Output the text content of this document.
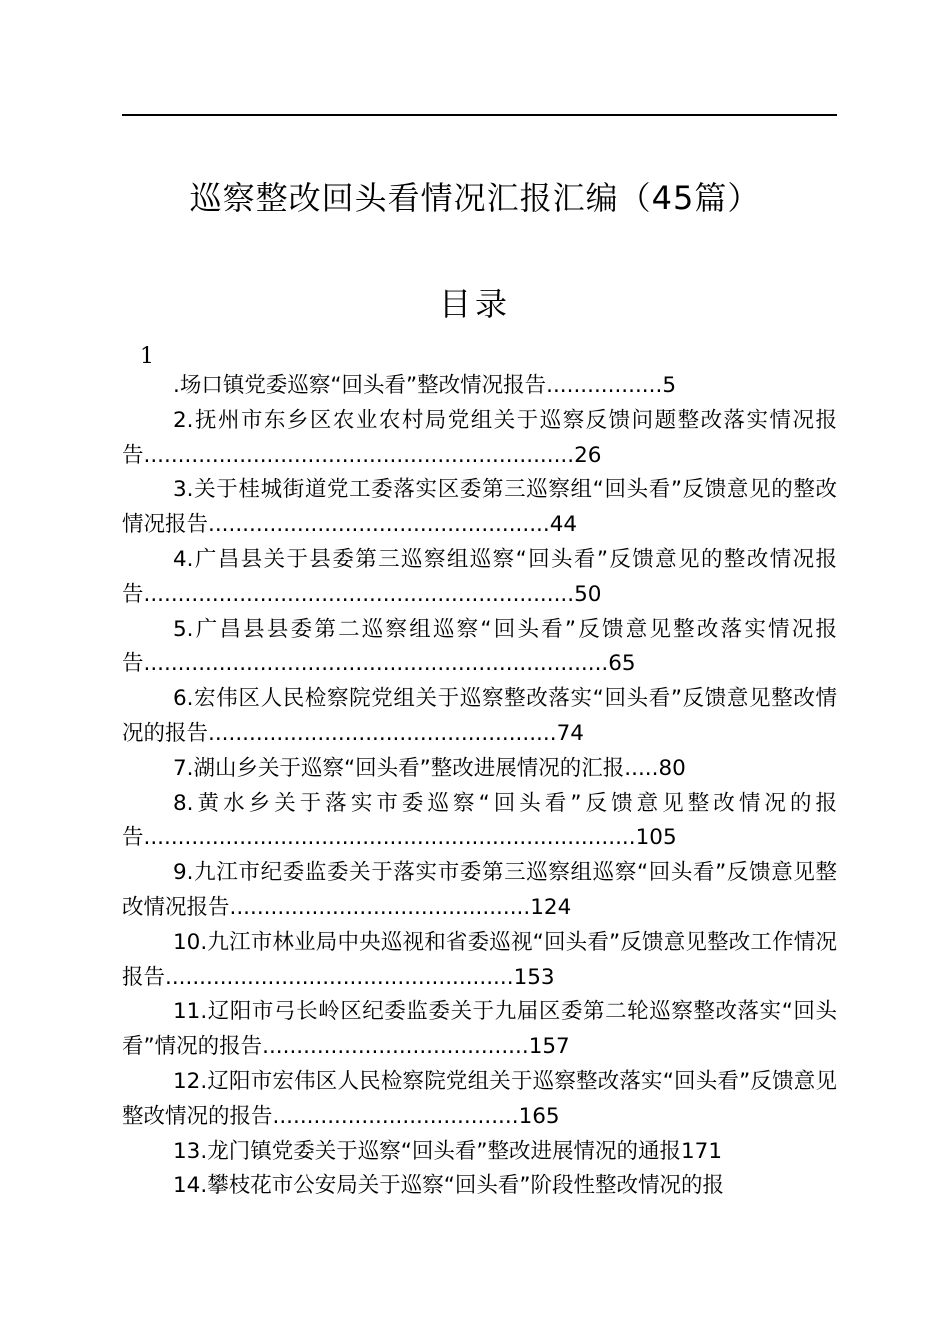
巡察整改回头看情况汇报汇编（45篇）
目录
1
.场口镇党委巡察“回头看”整改情况报告.................5
2.抚州市东乡区农业农村局党组关于巡察反馈问题整改落实情况报告...............................................................26
3.关于桂城街道党工委落实区委第三巡察组“回头看”反馈意见的整改情况报告..................................................44
4.广昌县关于县委第三巡察组巡察“回头看”反馈意见的整改情况报告...............................................................50
5.广昌县县委第二巡察组巡察“回头看”反馈意见整改落实情况报告....................................................................65
6.宏伟区人民检察院党组关于巡察整改落实“回头看”反馈意见整改情况的报告...................................................74
7.湖山乡关于巡察“回头看”整改进展情况的汇报.....80
8.黄水乡关于落实市委巡察“回头看”反馈意见整改情况的报告........................................................................105
9.九江市纪委监委关于落实市委第三巡察组巡察“回头看”反馈意见整改情况报告............................................124
10.九江市林业局中央巡视和省委巡视“回头看”反馈意见整改工作情况报告...................................................153
11.辽阳市弓长岭区纪委监委关于九届区委第二轮巡察整改落实“回头看”情况的报告.......................................157
12.辽阳市宏伟区人民检察院党组关于巡察整改落实“回头看”反馈意见整改情况的报告....................................165
13.龙门镇党委关于巡察“回头看”整改进展情况的通报171
14.攀枝花市公安局关于巡察“回头看”阶段性整改情况的报
